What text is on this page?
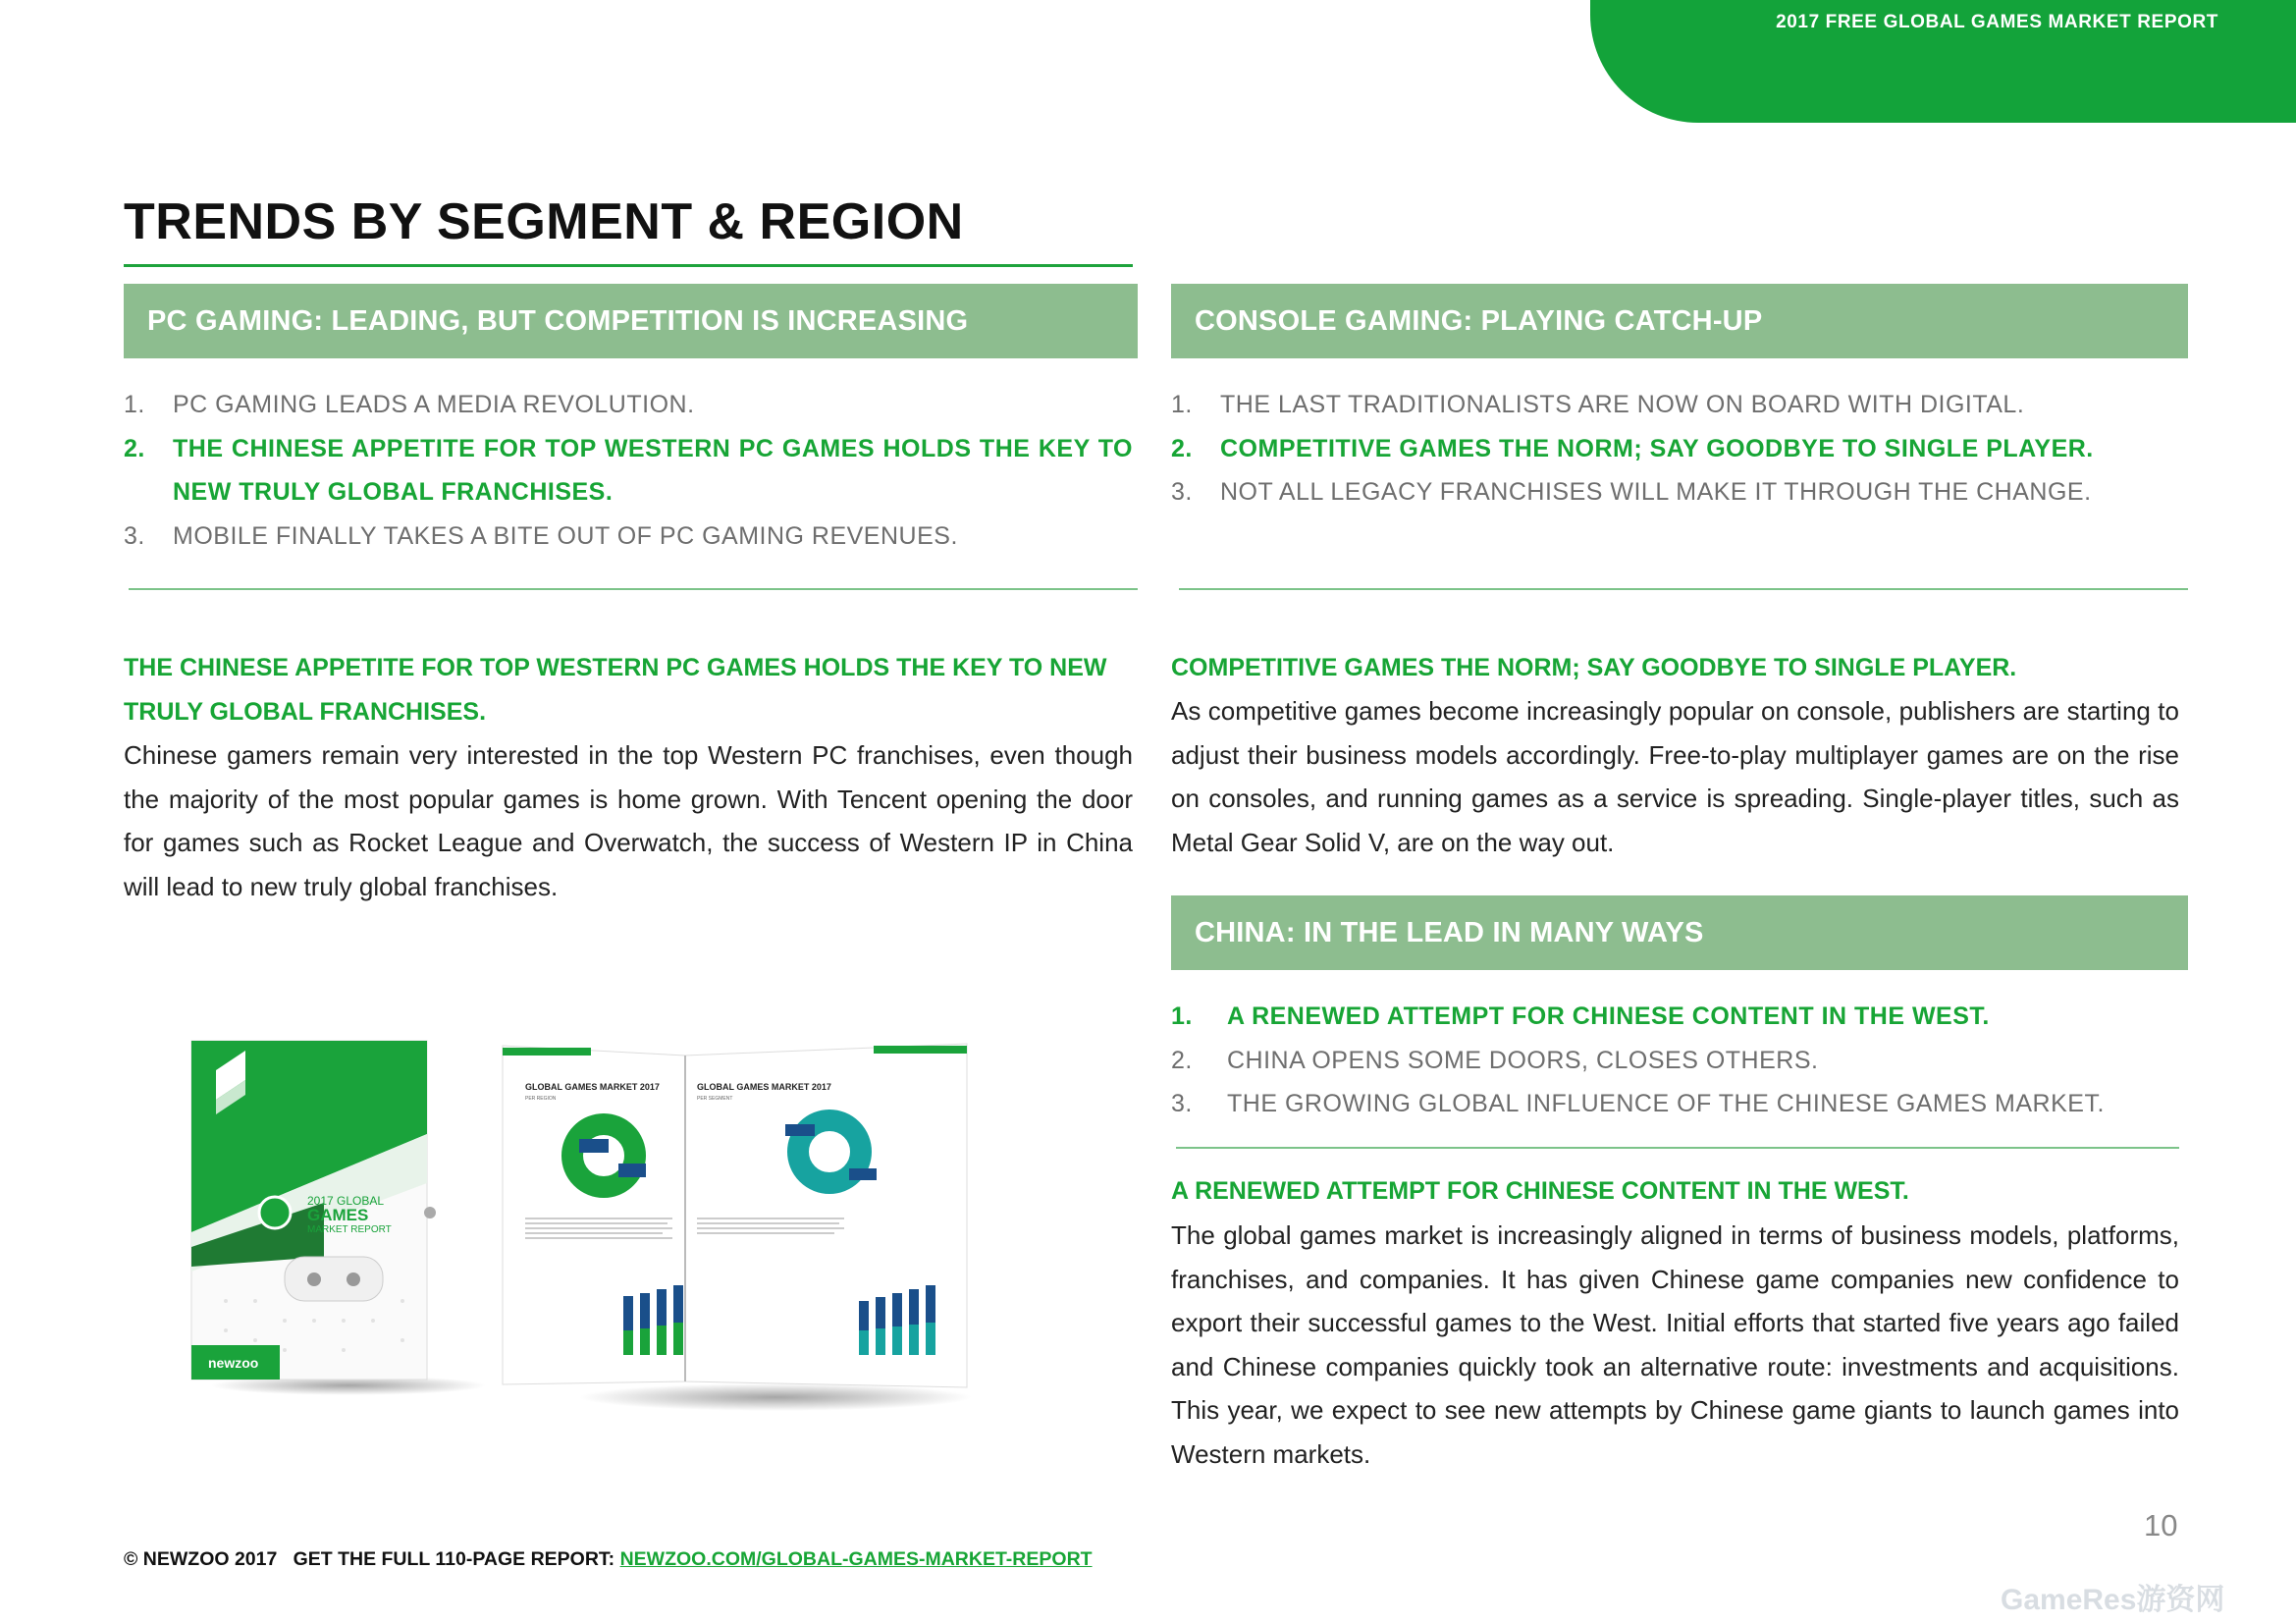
2017 FREE GLOBAL GAMES MARKET REPORT
TRENDS BY SEGMENT & REGION
PC GAMING: LEADING, BUT COMPETITION IS INCREASING
1.	PC GAMING LEADS A MEDIA REVOLUTION.
2.	THE CHINESE APPETITE FOR TOP WESTERN PC GAMES HOLDS THE KEY TO NEW TRULY GLOBAL FRANCHISES.
3.	MOBILE FINALLY TAKES A BITE OUT OF PC GAMING REVENUES.
THE CHINESE APPETITE FOR TOP WESTERN PC GAMES HOLDS THE KEY TO NEW TRULY GLOBAL FRANCHISES.

Chinese gamers remain very interested in the top Western PC franchises, even though the majority of the most popular games is home grown. With Tencent opening the door for games such as Rocket League and Overwatch, the success of Western IP in China will lead to new truly global franchises.

CONSOLE GAMING: PLAYING CATCH-UP
1.	THE LAST TRADITIONALISTS ARE NOW ON BOARD WITH DIGITAL.
2.	COMPETITIVE GAMES THE NORM; SAY GOODBYE TO SINGLE PLAYER.
3.	NOT ALL LEGACY FRANCHISES WILL MAKE IT THROUGH THE CHANGE.
COMPETITIVE GAMES THE NORM; SAY GOODBYE TO SINGLE PLAYER.

As competitive games become increasingly popular on console, publishers are starting to adjust their business models accordingly. Free-to-play multiplayer games are on the rise on consoles, and running games as a service is spreading. Single-player titles, such as Metal Gear Solid V, are on the way out.

CHINA: IN THE LEAD IN MANY WAYS
1.	A RENEWED ATTEMPT FOR CHINESE CONTENT IN THE WEST.
2.	CHINA OPENS SOME DOORS, CLOSES OTHERS.
3.	THE GROWING GLOBAL INFLUENCE OF THE CHINESE GAMES MARKET.
A RENEWED ATTEMPT FOR CHINESE CONTENT IN THE WEST.

The global games market is increasingly aligned in terms of business models, platforms, franchises, and companies. It has given Chinese game companies new confidence to export their successful games to the West. Initial efforts that started five years ago failed and Chinese companies quickly took an alternative route: investments and acquisitions. This year, we expect to see new attempts by Chinese game giants to launch games into Western markets.

2017 GLOBAL
GAMES
MARKET REPORT
newzoo
GLOBAL GAMES MARKET 2017
PER REGION
GLOBAL GAMES MARKET 2017
PER SEGMENT
© NEWZOO 2017 GET THE FULL 110-PAGE REPORT: NEWZOO.COM/GLOBAL-GAMES-MARKET-REPORT
10
GameRes游资网
